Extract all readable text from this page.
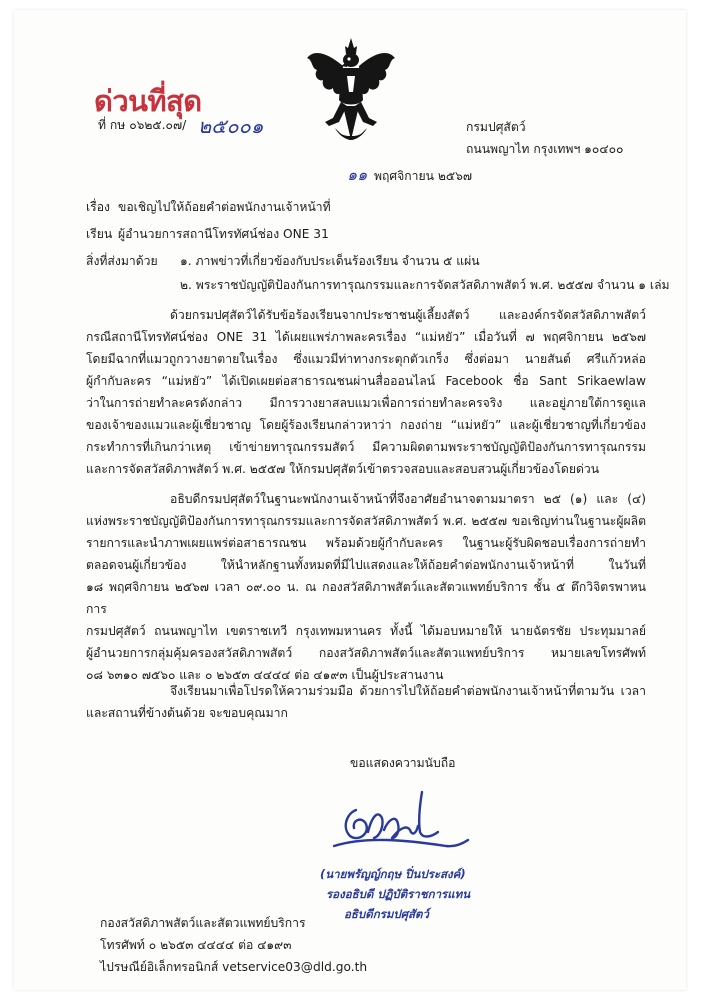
ด่วนที่สุด
ที่ กษ ๐๖๒๕.๐๗/ ๒๕๐๐๑	กรมปศุสัตว์
ถนนพญาไท กรุงเทพฯ ๑๐๔๐๐
๑๑ พฤศจิกายน ๒๕๖๗
เรื่อง ขอเชิญไปให้ถ้อยคำต่อพนักงานเจ้าหน้าที่
เรียน ผู้อำนวยการสถานีโทรทัศน์ช่อง ONE 31
สิ่งที่ส่งมาด้วย ๑. ภาพข่าวที่เกี่ยวข้องกับประเด็นร้องเรียน จำนวน ๕ แผ่น
๒. พระราชบัญญัติป้องกันการทารุณกรรมและการจัดสวัสดิภาพสัตว์ พ.ศ. ๒๕๕๗ จำนวน ๑ เล่ม
ด้วยกรมปศุสัตว์ได้รับข้อร้องเรียนจากประชาชนผู้เลี้ยงสัตว์ และองค์กรจัดสวัสดิภาพสัตว์
กรณีสถานีโทรทัศน์ช่อง ONE 31 ได้เผยแพร่ภาพละครเรื่อง “แม่หยัว” เมื่อวันที่ ๗ พฤศจิกายน ๒๕๖๗
โดยมีฉากที่แมวถูกวางยาตายในเรื่อง ซึ่งแมวมีท่าทางกระตุกตัวเกร็ง ซึ่งต่อมา นายสันต์ ศรีแก้วหล่อ
ผู้กำกับละคร “แม่หยัว” ได้เปิดเผยต่อสาธารณชนผ่านสื่อออนไลน์ Facebook ชื่อ Sant Srikaewlaw
ว่าในการถ่ายทำละครดังกล่าว มีการวางยาสลบแมวเพื่อการถ่ายทำละครจริง และอยู่ภายใต้การดูแล
ของเจ้าของแมวและผู้เชี่ยวชาญ โดยผู้ร้องเรียนกล่าวหาว่า กองถ่าย “แม่หยัว” และผู้เชี่ยวชาญที่เกี่ยวข้อง
กระทำการที่เกินกว่าเหตุ เข้าข่ายทารุณกรรมสัตว์ มีความผิดตามพระราชบัญญัติป้องกันการทารุณกรรม
และการจัดสวัสดิภาพสัตว์ พ.ศ. ๒๕๕๗ ให้กรมปศุสัตว์เข้าตรวจสอบและสอบสวนผู้เกี่ยวข้องโดยด่วน
อธิบดีกรมปศุสัตว์ในฐานะพนักงานเจ้าหน้าที่จึงอาศัยอำนาจตามมาตรา ๒๕ (๑) และ (๔)
แห่งพระราชบัญญัติป้องกันการทารุณกรรมและการจัดสวัสดิภาพสัตว์ พ.ศ. ๒๕๕๗ ขอเชิญท่านในฐานะผู้ผลิต
รายการและนำภาพเผยแพร่ต่อสาธารณชน พร้อมด้วยผู้กำกับละคร ในฐานะผู้รับผิดชอบเรื่องการถ่ายทำ
ตลอดจนผู้เกี่ยวข้อง ให้นำหลักฐานทั้งหมดที่มีไปแสดงและให้ถ้อยคำต่อพนักงานเจ้าหน้าที่ ในวันที่
๑๘ พฤศจิกายน ๒๕๖๗ เวลา ๐๙.๐๐ น. ณ กองสวัสดิภาพสัตว์และสัตวแพทย์บริการ ชั้น ๕ ตึกวิจิตรพาหนการ
กรมปศุสัตว์ ถนนพญาไท เขตราชเทวี กรุงเทพมหานคร ทั้งนี้ ได้มอบหมายให้ นายฉัตรชัย ประทุมมาลย์
ผู้อำนวยการกลุ่มคุ้มครองสวัสดิภาพสัตว์ กองสวัสดิภาพสัตว์และสัตวแพทย์บริการ หมายเลขโทรศัพท์
๐๘ ๖๓๑๐ ๗๕๖๐ และ ๐ ๒๖๕๓ ๔๔๔๔ ต่อ ๔๑๙๓ เป็นผู้ประสานงาน
จึงเรียนมาเพื่อโปรดให้ความร่วมมือ ด้วยการไปให้ถ้อยคำต่อพนักงานเจ้าหน้าที่ตามวัน เวลา
และสถานที่ข้างต้นด้วย จะขอบคุณมาก
ขอแสดงความนับถือ
(นายพรัญญ์กฤษ ปิ่นประสงค์)
รองอธิบดี ปฏิบัติราชการแทน
อธิบดีกรมปศุสัตว์
กองสวัสดิภาพสัตว์และสัตวแพทย์บริการ
โทรศัพท์ ๐ ๒๖๕๓ ๔๔๔๔ ต่อ ๔๑๙๓
ไปรษณีย์อิเล็กทรอนิกส์ vetservice03@dld.go.th
